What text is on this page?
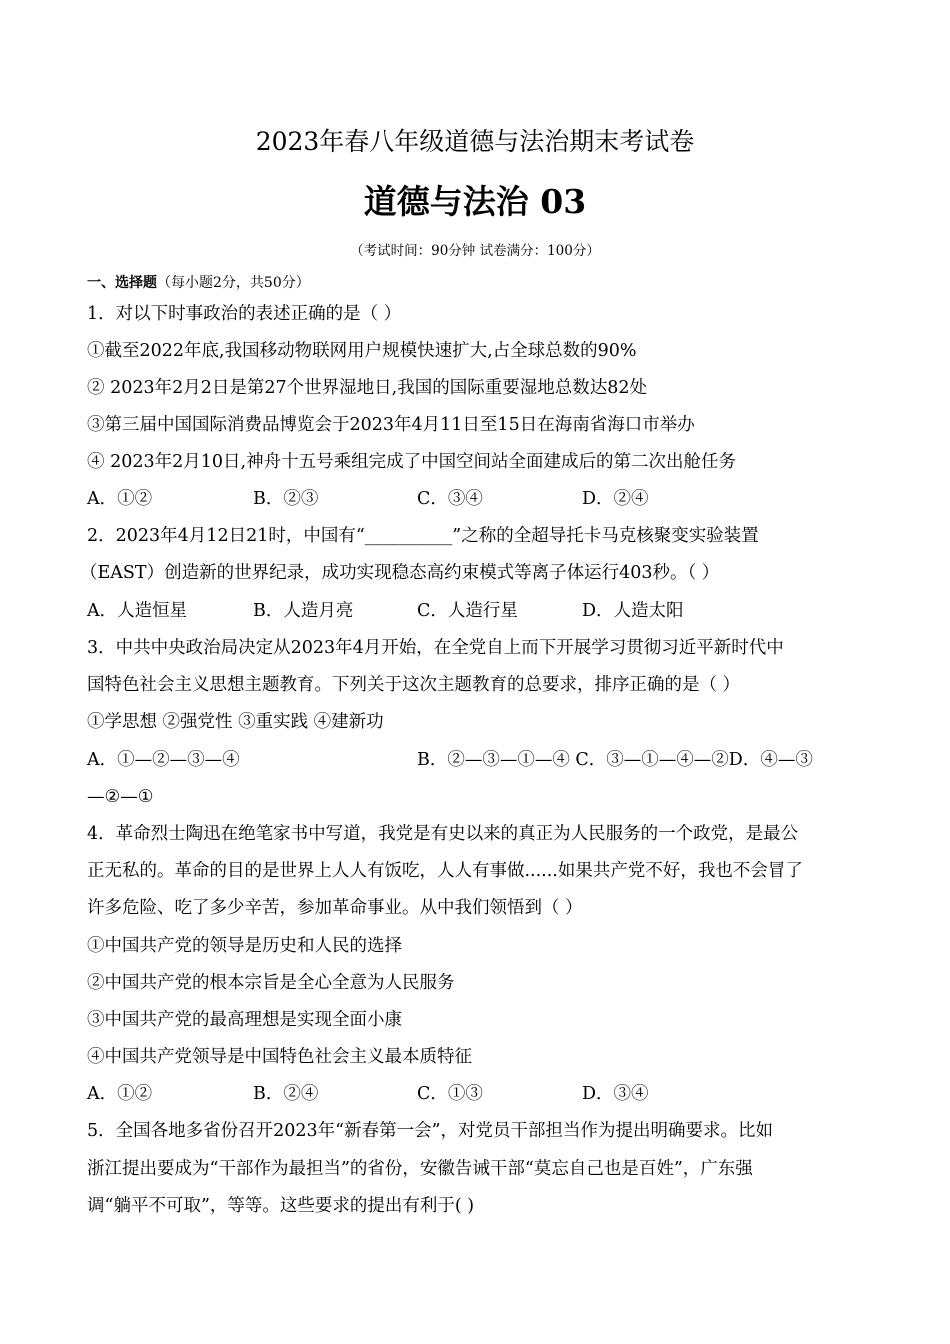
2023年春八年级道德与法治期末考试卷
道德与法治 03
（考试时间：90分钟 试卷满分：100分）
一、选择题（每小题2分，共50分）
1．对以下时事政治的表述正确的是（ ）
①截至2022年底,我国移动物联网用户规模快速扩大,占全球总数的90%
② 2023年2月2日是第27个世界湿地日,我国的国际重要湿地总数达82处
③第三届中国国际消费品博览会于2023年4月11日至15日在海南省海口市举办
④ 2023年2月10日,神舟十五号乘组完成了中国空间站全面建成后的第二次出舱任务
A．①②	B．②③	C．③④	D．②④
2．2023年4月12日21时，中国有“__________”之称的全超导托卡马克核聚变实验装置
（EAST）创造新的世界纪录，成功实现稳态高约束模式等离子体运行403秒。（ ）
A．人造恒星	B．人造月亮	C．人造行星	D．人造太阳
3．中共中央政治局决定从2023年4月开始，在全党自上而下开展学习贯彻习近平新时代中
国特色社会主义思想主题教育。下列关于这次主题教育的总要求，排序正确的是（ ）
①学思想 ②强党性 ③重实践 ④建新功
A．①—②—③—④	B．②—③—①—④ C．③—①—④—②D．④—③
—②—①
4．革命烈士陶迅在绝笔家书中写道，我党是有史以来的真正为人民服务的一个政党，是最公
正无私的。革命的目的是世界上人人有饭吃，人人有事做......如果共产党不好，我也不会冒了
许多危险、吃了多少辛苦，参加革命事业。从中我们领悟到（ ）
①中国共产党的领导是历史和人民的选择
②中国共产党的根本宗旨是全心全意为人民服务
③中国共产党的最高理想是实现全面小康
④中国共产党领导是中国特色社会主义最本质特征
A．①②	B．②④	C．①③	D．③④
5．全国各地多省份召开2023年“新春第一会”，对党员干部担当作为提出明确要求。比如
浙江提出要成为“干部作为最担当”的省份，安徽告诫干部“莫忘自己也是百姓”，广东强
调“躺平不可取”，等等。这些要求的提出有利于( )
